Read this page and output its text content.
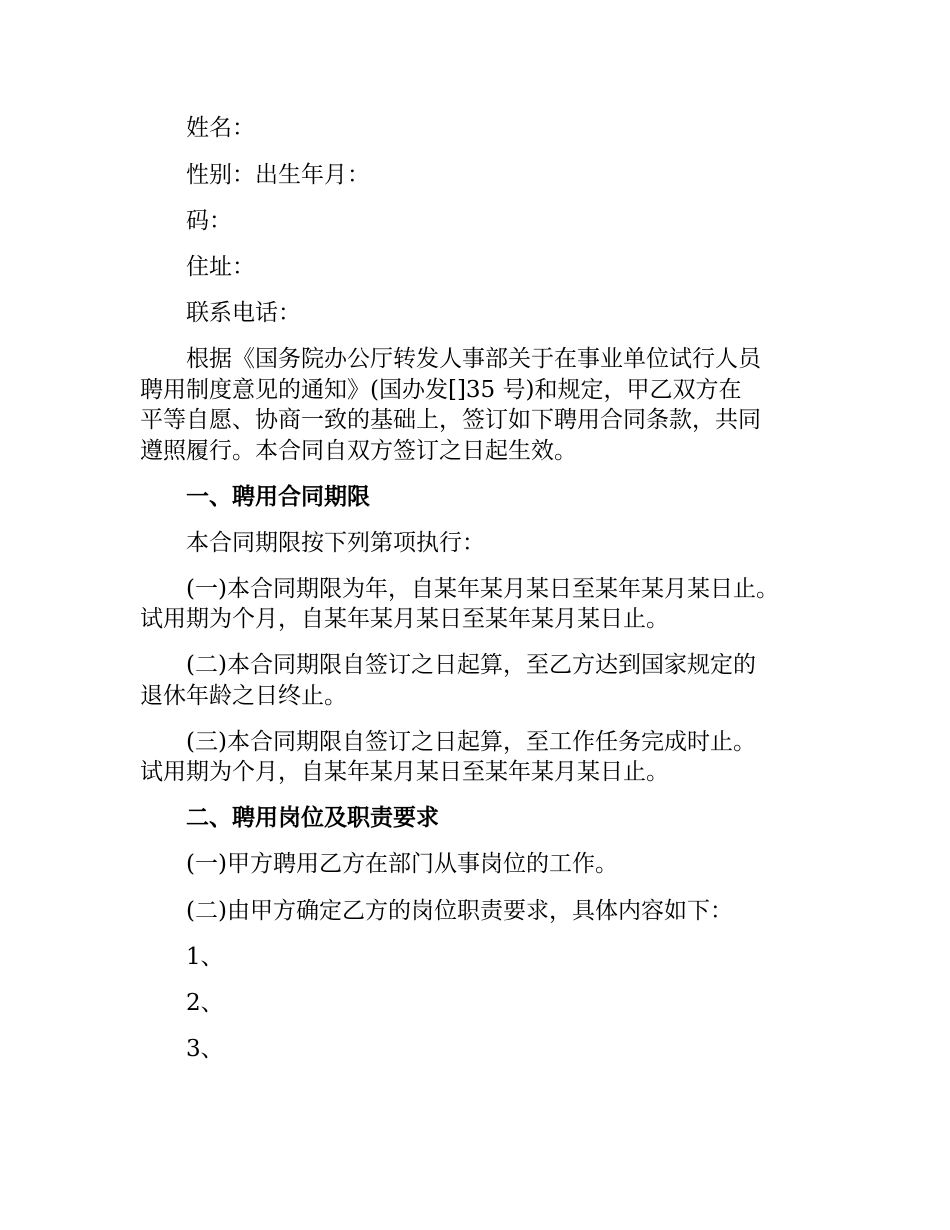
姓名：

性别：出生年月：

码：

住址：

联系电话：

根据《国务院办公厅转发人事部关于在事业单位试行人员

聘用制度意见的通知》(国办发[]35 号)和规定，甲乙双方在

平等自愿、协商一致的基础上，签订如下聘用合同条款，共同

遵照履行。本合同自双方签订之日起生效。

一、聘用合同期限

本合同期限按下列第项执行：

(一)本合同期限为年，自某年某月某日至某年某月某日止。

试用期为个月，自某年某月某日至某年某月某日止。

(二)本合同期限自签订之日起算，至乙方达到国家规定的

退休年龄之日终止。

(三)本合同期限自签订之日起算，至工作任务完成时止。

试用期为个月，自某年某月某日至某年某月某日止。

二、聘用岗位及职责要求

(一)甲方聘用乙方在部门从事岗位的工作。

(二)由甲方确定乙方的岗位职责要求，具体内容如下：

1、

2、

3、
